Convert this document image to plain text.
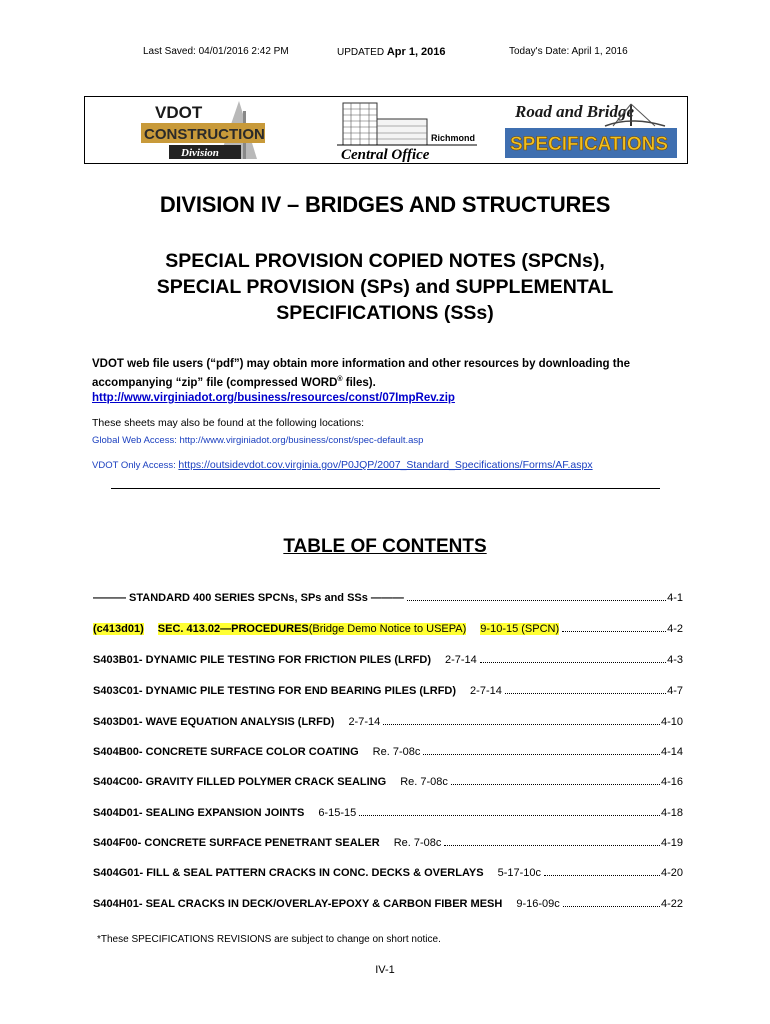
Last Saved: 04/01/2016 2:42 PM	UPDATED Apr 1, 2016	Today's Date: April 1, 2016
VDOT
CONSTRUCTION
Division
Richmond
Central Office
Road and Bridge
SPECIFICATIONS
DIVISION IV – BRIDGES AND STRUCTURES
SPECIAL PROVISION COPIED NOTES (SPCNs),
SPECIAL PROVISION (SPs) and SUPPLEMENTAL
SPECIFICATIONS (SSs)
VDOT web file users (“pdf”) may obtain more information and other resources by downloading the
accompanying “zip” file (compressed WORD® files).
http://www.virginiadot.org/business/resources/const/07ImpRev.zip
These sheets may also be found at the following locations:
Global Web Access: http://www.virginiadot.org/business/const/spec-default.asp
VDOT Only Access: https://outsidevdot.cov.virginia.gov/P0JQP/2007_Standard_Specifications/Forms/AF.aspx
TABLE OF CONTENTS
——— STANDARD 400 SERIES SPCNs, SPs and SSs ———	4-1
(c413d01) SEC. 413.02—PROCEDURES (Bridge Demo Notice to USEPA) 9-10-15 (SPCN)	4-2
S403B01 - DYNAMIC PILE TESTING FOR FRICTION PILES (LRFD) 2-7-14	4-3
S403C01 - DYNAMIC PILE TESTING FOR END BEARING PILES (LRFD) 2-7-14	4-7
S403D01 - WAVE EQUATION ANALYSIS (LRFD) 2-7-14	4-10
S404B00 - CONCRETE SURFACE COLOR COATING Re. 7-08c	4-14
S404C00 - GRAVITY FILLED POLYMER CRACK SEALING Re. 7-08c	4-16
S404D01 - SEALING EXPANSION JOINTS 6-15-15	4-18
S404F00 - CONCRETE SURFACE PENETRANT SEALER Re. 7-08c	4-19
S404G01 - FILL & SEAL PATTERN CRACKS IN CONC. DECKS & OVERLAYS 5-17-10c	4-20
S404H01 - SEAL CRACKS IN DECK/OVERLAY-EPOXY & CARBON FIBER MESH 9-16-09c	4-22
*These SPECIFICATIONS REVISIONS are subject to change on short notice.
IV-1
